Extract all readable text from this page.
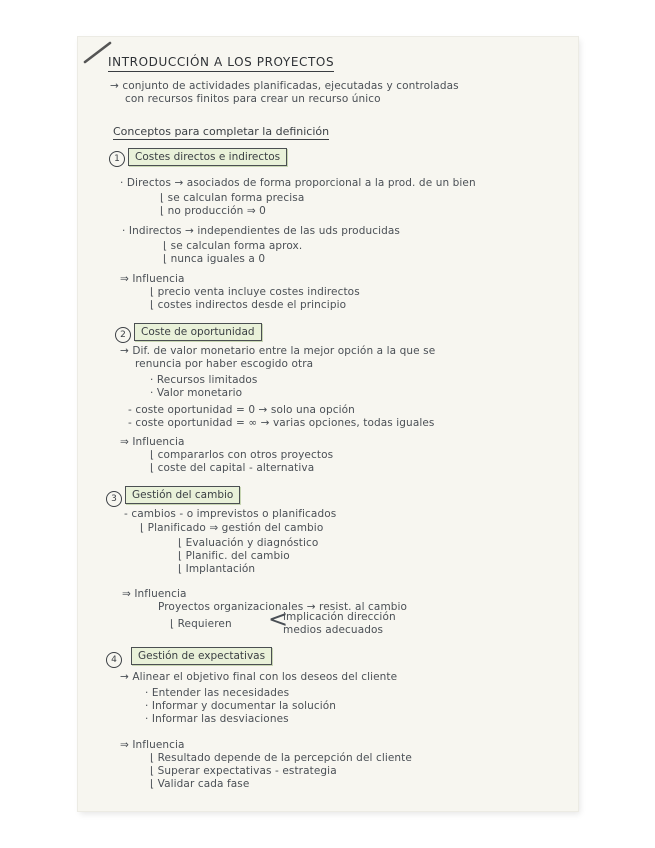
INTRODUCCIÓN A LOS PROYECTOS
→ conjunto de actividades planificadas, ejecutadas y controladas
con recursos finitos para crear un recurso único
Conceptos para completar la definición
1	Costes directos e indirectos
· Directos → asociados de forma proporcional a la prod. de un bien
⌊ se calculan forma precisa
⌊ no producción ⇒ 0
· Indirectos → independientes de las uds producidas
⌊ se calculan forma aprox.
⌊ nunca iguales a 0
⇒ Influencia
⌊ precio venta incluye costes indirectos
⌊ costes indirectos desde el principio
2	Coste de oportunidad
→ Dif. de valor monetario entre la mejor opción a la que se
renuncia por haber escogido otra
· Recursos limitados
· Valor monetario
- coste oportunidad = 0 → solo una opción
- coste oportunidad = ∞ → varias opciones, todas iguales
⇒ Influencia
⌊ compararlos con otros proyectos
⌊ coste del capital - alternativa
3	Gestión del cambio
- cambios - o imprevistos o planificados
⌊ Planificado ⇒ gestión del cambio
⌊ Evaluación y diagnóstico
⌊ Planific. del cambio
⌊ Implantación
⇒ Influencia
Proyectos organizacionales → resist. al cambio
⌊ Requieren <
implicación dirección
medios adecuados
4	Gestión de expectativas
→ Alinear el objetivo final con los deseos del cliente
· Entender las necesidades
· Informar y documentar la solución
· Informar las desviaciones
⇒ Influencia
⌊ Resultado depende de la percepción del cliente
⌊ Superar expectativas - estrategia
⌊ Validar cada fase
